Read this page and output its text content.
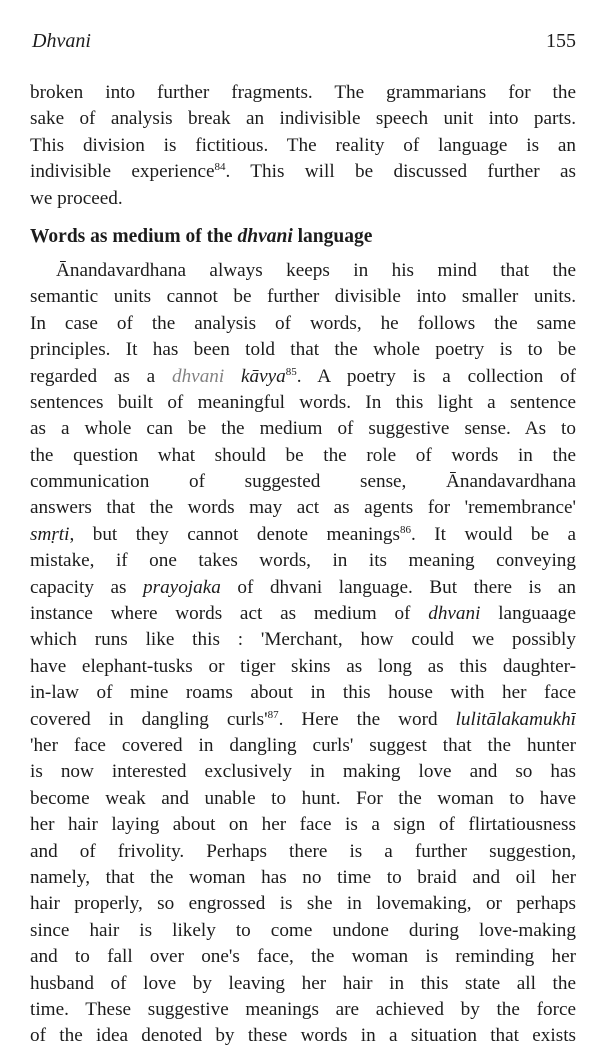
Dhvani	155
broken into further fragments. The grammarians for the
sake of analysis break an indivisible speech unit into parts.
This division is fictitious. The reality of language is an
indivisible experience$^{84}$. This will be discussed further as
we proceed.
Words as medium of the dhvani language
Ānandavardhana always keeps in his mind that the
semantic units cannot be further divisible into smaller units.
In case of the analysis of words, he follows the same
principles. It has been told that the whole poetry is to be
regarded as a dhvani kāvya$^{85}$. A poetry is a collection of
sentences built of meaningful words. In this light a sentence
as a whole can be the medium of suggestive sense. As to
the question what should be the role of words in the
communication of suggested sense, Ānandavardhana
answers that the words may act as agents for 'remembrance'
smṛti, but they cannot denote meanings$^{86}$. It would be a
mistake, if one takes words, in its meaning conveying
capacity as prayojaka of dhvani language. But there is an
instance where words act as medium of dhvani languaage
which runs like this : 'Merchant, how could we possibly
have elephant-tusks or tiger skins as long as this daughter-
in-law of mine roams about in this house with her face
covered in dangling $curls'^{87}$. Here the word lulitālakamukhī
'her face covered in dangling curls' suggest that the hunter
is now interested exclusively in making love and so has
become weak and unable to hunt. For the woman to have
her hair laying about on her face is a sign of flirtatiousness
and of frivolity. Perhaps there is a further suggestion,
namely, that the woman has no time to braid and oil her
hair properly, so engrossed is she in lovemaking, or perhaps
since hair is likely to come undone during love-making
and to fall over one's face, the woman is reminding her
husband of love by leaving her hair in this state all the
time. These suggestive meanings are achieved by the force
of the idea denoted by these words in a situation that exists
